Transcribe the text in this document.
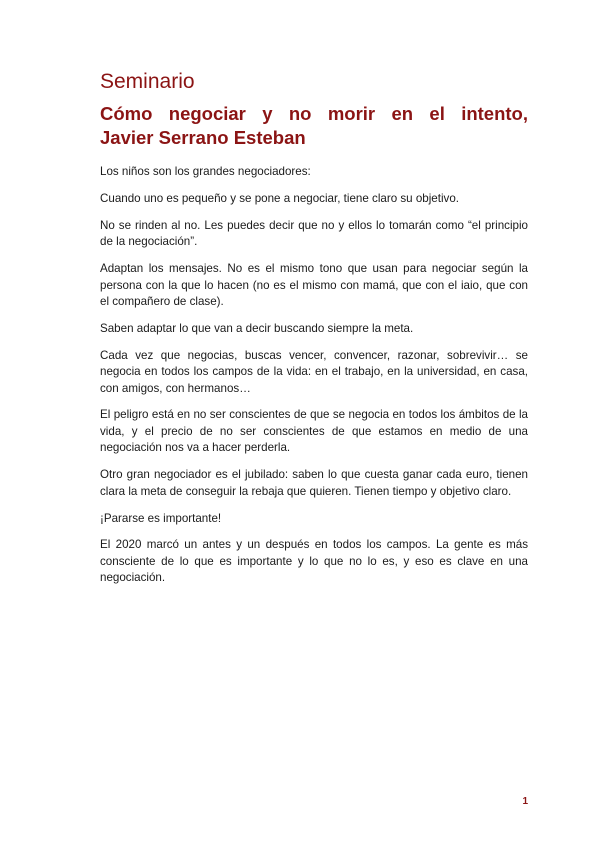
Seminario
Cómo negociar y no morir en el intento,
Javier Serrano Esteban

Los niños son los grandes negociadores:

Cuando uno es pequeño y se pone a negociar, tiene claro su objetivo.

No se rinden al no. Les puedes decir que no y ellos lo tomarán como “el principio de la negociación”.

Adaptan los mensajes. No es el mismo tono que usan para negociar según la persona con la que lo hacen (no es el mismo con mamá, que con el iaio, que con el compañero de clase).

Saben adaptar lo que van a decir buscando siempre la meta.

Cada vez que negocias, buscas vencer, convencer, razonar, sobrevivir… se negocia en todos los campos de la vida: en el trabajo, en la universidad, en casa, con amigos, con hermanos…

El peligro está en no ser conscientes de que se negocia en todos los ámbitos de la vida, y el precio de no ser conscientes de que estamos en medio de una negociación nos va a hacer perderla.

Otro gran negociador es el jubilado: saben lo que cuesta ganar cada euro, tienen clara la meta de conseguir la rebaja que quieren. Tienen tiempo y objetivo claro.

¡Pararse es importante!

El 2020 marcó un antes y un después en todos los campos. La gente es más consciente de lo que es importante y lo que no lo es, y eso es clave en una negociación.

1
